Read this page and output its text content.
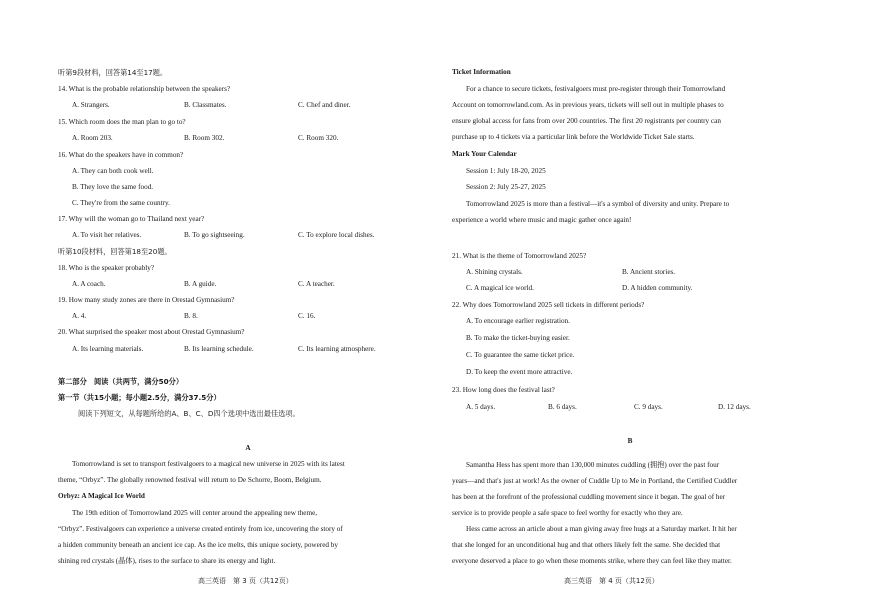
听第9段材料，回答第14至17题。
14. What is the probable relationship between the speakers?
A. Strangers.	B. Classmates.	C. Chef and diner.
15. Which room does the man plan to go to?
A. Room 203.	B. Room 302.	C. Room 320.
16. What do the speakers have in common?
A. They can both cook well.
B. They love the same food.
C. They're from the same country.
17. Why will the woman go to Thailand next year?
A. To visit her relatives.	B. To go sightseeing.	C. To explore local dishes.
听第10段材料，回答第18至20题。
18. Who is the speaker probably?
A. A coach.	B. A guide.	C. A teacher.
19. How many study zones are there in Orestad Gymnasium?
A. 4.	B. 8.	C. 16.
20. What surprised the speaker most about Orestad Gymnasium?
A. Its learning materials.	B. Its learning schedule.	C. Its learning atmosphere.
第二部分　阅读（共两节，满分50分）
第一节（共15小题；每小题2.5分，满分37.5分）
阅读下列短文，从每题所给的A、B、C、D四个选项中选出最佳选项。
A
Tomorrowland is set to transport festivalgoers to a magical new universe in 2025 with its latest
theme, “Orbyz”. The globally renowned festival will return to De Schorre, Boom, Belgium.
Orbyz: A Magical Ice World
The 19th edition of Tomorrowland 2025 will center around the appealing new theme,
“Orbyz”. Festivalgoers can experience a universe created entirely from ice, uncovering the story of
a hidden community beneath an ancient ice cap. As the ice melts, this unique society, powered by
shining red crystals (晶体), rises to the surface to share its energy and light.
高三英语　第 3 页（共12页）
Ticket Information
For a chance to secure tickets, festivalgoers must pre-register through their Tomorrowland
Account on tomorrowland.com. As in previous years, tickets will sell out in multiple phases to
ensure global access for fans from over 200 countries. The first 20 registrants per country can
purchase up to 4 tickets via a particular link before the Worldwide Ticket Sale starts.
Mark Your Calendar
Session 1: July 18-20, 2025
Session 2: July 25-27, 2025
Tomorrowland 2025 is more than a festival—it's a symbol of diversity and unity. Prepare to
experience a world where music and magic gather once again!
21. What is the theme of Tomorrowland 2025?
A. Shining crystals.	B. Ancient stories.
C. A magical ice world.	D. A hidden community.
22. Why does Tomorrowland 2025 sell tickets in different periods?
A. To encourage earlier registration.
B. To make the ticket-buying easier.
C. To guarantee the same ticket price.
D. To keep the event more attractive.
23. How long does the festival last?
A. 5 days.	B. 6 days.	C. 9 days.	D. 12 days.
B
Samantha Hess has spent more than 130,000 minutes cuddling (拥抱) over the past four
years—and that's just at work! As the owner of Cuddle Up to Me in Portland, the Certified Cuddler
has been at the forefront of the professional cuddling movement since it began. The goal of her
service is to provide people a safe space to feel worthy for exactly who they are.
Hess came across an article about a man giving away free hugs at a Saturday market. It hit her
that she longed for an unconditional hug and that others likely felt the same. She decided that
everyone deserved a place to go when these moments strike, where they can feel like they matter.
高三英语　第 4 页（共12页）
